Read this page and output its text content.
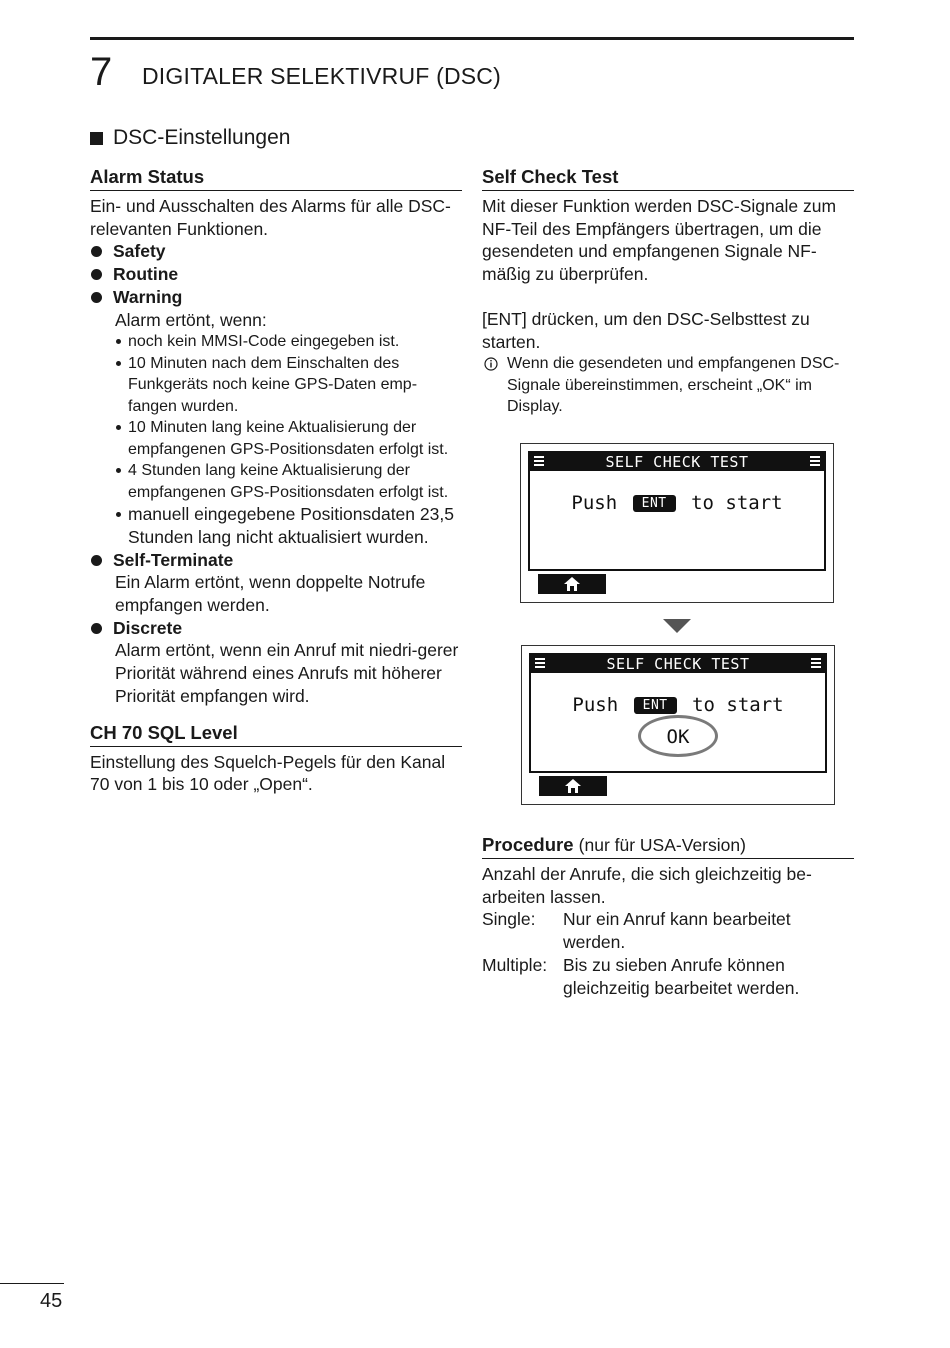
7 DIGITALER SELEKTIVRUF (DSC)
DSC-Einstellungen
Alarm Status
Ein- und Ausschalten des Alarms für alle DSC-relevanten Funktionen.
Safety
Routine
Warning
Alarm ertönt, wenn:
noch kein MMSI-Code eingegeben ist.
10 Minuten nach dem Einschalten des Funkgeräts noch keine GPS-Daten emp-fangen wurden.
10 Minuten lang keine Aktualisierung der empfangenen GPS-Positionsdaten erfolgt ist.
4 Stunden lang keine Aktualisierung der empfangenen GPS-Positionsdaten erfolgt ist.
manuell eingegebene Positionsdaten 23,5 Stunden lang nicht aktualisiert wurden.
Self-Terminate
Ein Alarm ertönt, wenn doppelte Notrufe empfangen werden.
Discrete
Alarm ertönt, wenn ein Anruf mit niedri-gerer Priorität während eines Anrufs mit höherer Priorität empfangen wird.
CH 70 SQL Level
Einstellung des Squelch-Pegels für den Kanal 70 von 1 bis 10 oder „Open“.
Self Check Test
Mit dieser Funktion werden DSC-Signale zum NF-Teil des Empfängers übertragen, um die gesendeten und empfangenen Signale NF-mäßig zu überprüfen.
[ENT] drücken, um den DSC-Selbsttest zu starten.
Wenn die gesendeten und empfangenen DSC-Signale übereinstimmen, erscheint „OK“ im Display.
SELF CHECK TEST
Push ENT to start
SELF CHECK TEST
Push ENT to start
OK
Procedure (nur für USA-Version)
Anzahl der Anrufe, die sich gleichzeitig be-arbeiten lassen.
Single:	Nur ein Anruf kann bearbeitet werden.
Multiple: Bis zu sieben Anrufe können gleichzeitig bearbeitet werden.
45
